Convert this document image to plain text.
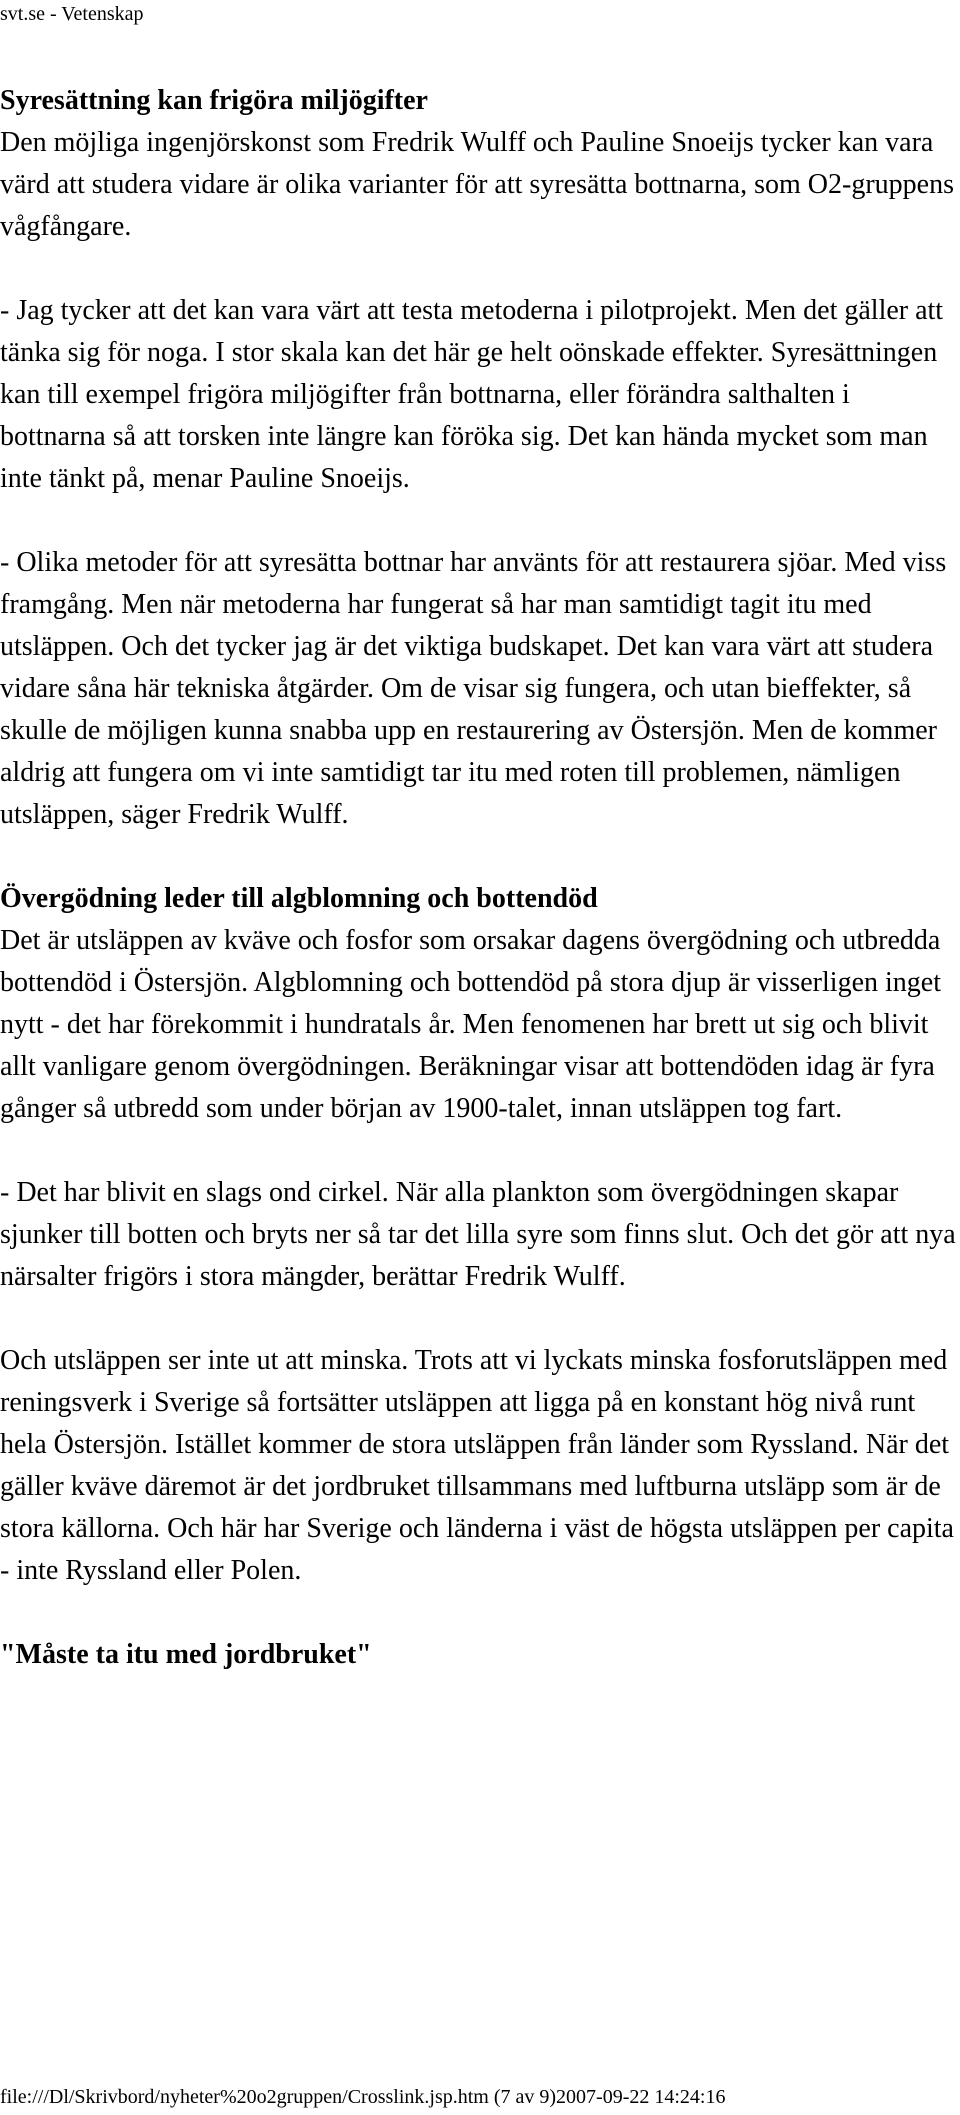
svt.se - Vetenskap

Syresättning kan frigöra miljögifter

Den möjliga ingenjörskonst som Fredrik Wulff och Pauline Snoeijs tycker kan vara värd att studera vidare är olika varianter för att syresätta bottnarna, som O2-gruppens vågfångare.

- Jag tycker att det kan vara värt att testa metoderna i pilotprojekt. Men det gäller att tänka sig för noga. I stor skala kan det här ge helt oönskade effekter. Syresättningen kan till exempel frigöra miljögifter från bottnarna, eller förändra salthalten i bottnarna så att torsken inte längre kan föröka sig. Det kan hända mycket som man inte tänkt på, menar Pauline Snoeijs.

- Olika metoder för att syresätta bottnar har använts för att restaurera sjöar. Med viss framgång. Men när metoderna har fungerat så har man samtidigt tagit itu med utsläppen. Och det tycker jag är det viktiga budskapet. Det kan vara värt att studera vidare såna här tekniska åtgärder. Om de visar sig fungera, och utan bieffekter, så skulle de möjligen kunna snabba upp en restaurering av Östersjön. Men de kommer aldrig att fungera om vi inte samtidigt tar itu med roten till problemen, nämligen utsläppen, säger Fredrik Wulff.

Övergödning leder till algblomning och bottendöd

Det är utsläppen av kväve och fosfor som orsakar dagens övergödning och utbredda bottendöd i Östersjön. Algblomning och bottendöd på stora djup är visserligen inget nytt - det har förekommit i hundratals år. Men fenomenen har brett ut sig och blivit allt vanligare genom övergödningen. Beräkningar visar att bottendöden idag är fyra gånger så utbredd som under början av 1900-talet, innan utsläppen tog fart.

- Det har blivit en slags ond cirkel. När alla plankton som övergödningen skapar sjunker till botten och bryts ner så tar det lilla syre som finns slut. Och det gör att nya närsalter frigörs i stora mängder, berättar Fredrik Wulff.

Och utsläppen ser inte ut att minska. Trots att vi lyckats minska fosforutsläppen med reningsverk i Sverige så fortsätter utsläppen att ligga på en konstant hög nivå runt hela Östersjön. Istället kommer de stora utsläppen från länder som Ryssland. När det gäller kväve däremot är det jordbruket tillsammans med luftburna utsläpp som är de stora källorna. Och här har Sverige och länderna i väst de högsta utsläppen per capita - inte Ryssland eller Polen.

"Måste ta itu med jordbruket"

file:///Dl/Skrivbord/nyheter%20o2gruppen/Crosslink.jsp.htm (7 av 9)2007-09-22 14:24:16
